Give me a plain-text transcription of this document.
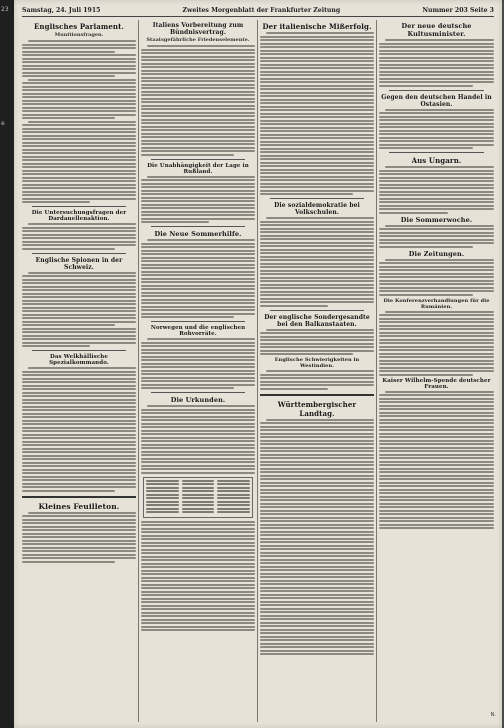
23
e
Samstag, 24. Juli 1915	Zweites Morgenblatt der Frankfurter Zeitung	Nummer 203 Seite 3
Englisches Parlament.
Munitionsfragen.
Die Untersuchungsfragen der Dardanellenaktion.
Englische Spionen in der Schweiz.
Das Welkhällische Spezialkommando.
Kleines Feuilleton.
Italiens Vorbereitung zum Bündnisvertrag.
Staatsgefährliche Friedenselemente.
Die Unabhängigkeit der Lage in Rußland.
Die Neue Sommerhilfe.
Norwegen und die englischen Rohvorräte.
Die Urkunden.
Der italienische Mißerfolg.
Die sozialdemokratie bei Volkschulen.
Der englische Sondergesandte bei den Balkanstaaten.
Englische Schwierigkeiten in Westindien.
Württembergischer Landtag.
Der neue deutsche Kultusminister.
Gegen den deutschen Handel in Ostasien.
Aus Ungarn.
Die Sommerwoche.
Die Zeitungen.
Die Konferenzverhandlungen für die Rumänien.
Kaiser Wilhelm-Spende deutscher Frauen.
N.
